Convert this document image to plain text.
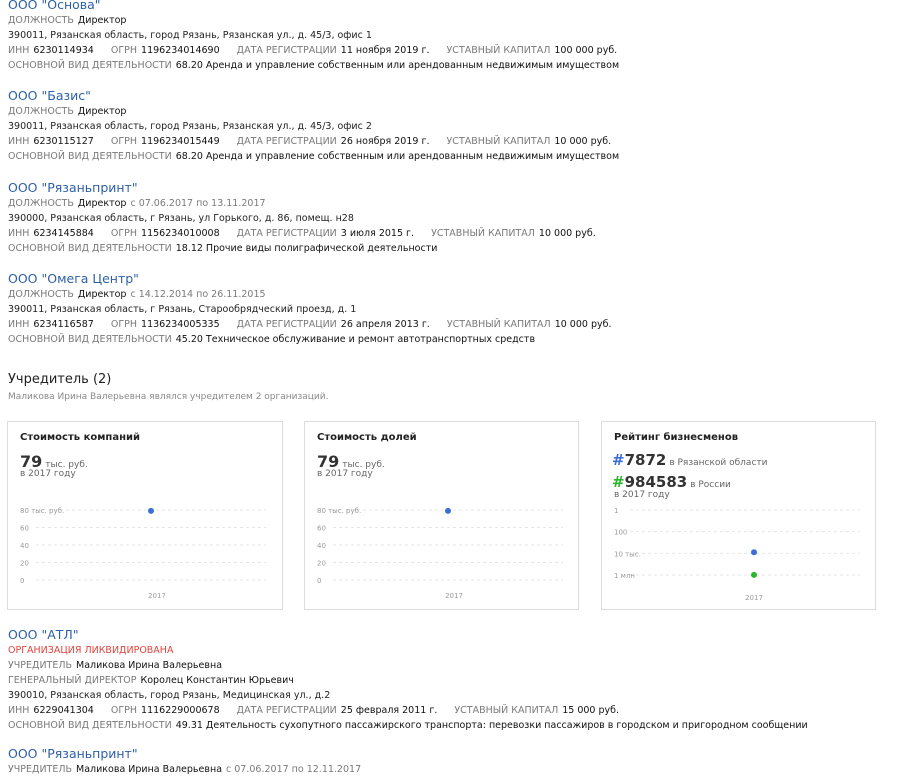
ООО "Основа"
ДОЛЖНОСТЬ Директор
390011, Рязанская область, город Рязань, Рязанская ул., д. 45/3, офис 1
ИНН 6230114934 ОГРН 1196234014690 ДАТА РЕГИСТРАЦИИ 11 ноября 2019 г. УСТАВНЫЙ КАПИТАЛ 100 000 руб.
ОСНОВНОЙ ВИД ДЕЯТЕЛЬНОСТИ 68.20 Аренда и управление собственным или арендованным недвижимым имуществом
ООО "Базис"
ДОЛЖНОСТЬ Директор
390011, Рязанская область, город Рязань, Рязанская ул., д. 45/3, офис 2
ИНН 6230115127 ОГРН 1196234015449 ДАТА РЕГИСТРАЦИИ 26 ноября 2019 г. УСТАВНЫЙ КАПИТАЛ 10 000 руб.
ОСНОВНОЙ ВИД ДЕЯТЕЛЬНОСТИ 68.20 Аренда и управление собственным или арендованным недвижимым имуществом
ООО "Рязаньпринт"
ДОЛЖНОСТЬ Директор с 07.06.2017 по 13.11.2017
390000, Рязанская область, г Рязань, ул Горького, д. 86, помещ. н28
ИНН 6234145884 ОГРН 1156234010008 ДАТА РЕГИСТРАЦИИ 3 июля 2015 г. УСТАВНЫЙ КАПИТАЛ 10 000 руб.
ОСНОВНОЙ ВИД ДЕЯТЕЛЬНОСТИ 18.12 Прочие виды полиграфической деятельности
ООО "Омега Центр"
ДОЛЖНОСТЬ Директор с 14.12.2014 по 26.11.2015
390011, Рязанская область, г Рязань, Старообрядческий проезд, д. 1
ИНН 6234116587 ОГРН 1136234005335 ДАТА РЕГИСТРАЦИИ 26 апреля 2013 г. УСТАВНЫЙ КАПИТАЛ 10 000 руб.
ОСНОВНОЙ ВИД ДЕЯТЕЛЬНОСТИ 45.20 Техническое обслуживание и ремонт автотранспортных средств
Учредитель (2)
Маликова Ирина Валерьевна являлся учредителем 2 организаций.
Стоимость компаний
79 тыс. руб.
в 2017 году
0
20
40
60
80 тыс. руб.
2017
Стоимость долей
79 тыс. руб.
в 2017 году
0
20
40
60
80 тыс. руб.
2017
Рейтинг бизнесменов
#7872 в Рязанской области
#984583 в России
в 2017 году
1
100
10 тыс.
1 млн
2017
ООО "АТЛ"
ОРГАНИЗАЦИЯ ЛИКВИДИРОВАНА
УЧРЕДИТЕЛЬ Маликова Ирина Валерьевна
ГЕНЕРАЛЬНЫЙ ДИРЕКТОР Королец Константин Юрьевич
390010, Рязанская область, город Рязань, Медицинская ул., д.2
ИНН 6229041304 ОГРН 1116229000678 ДАТА РЕГИСТРАЦИИ 25 февраля 2011 г. УСТАВНЫЙ КАПИТАЛ 15 000 руб.
ОСНОВНОЙ ВИД ДЕЯТЕЛЬНОСТИ 49.31 Деятельность сухопутного пассажирского транспорта: перевозки пассажиров в городском и пригородном сообщении
ООО "Рязаньпринт"
УЧРЕДИТЕЛЬ Маликова Ирина Валерьевна с 07.06.2017 по 12.11.2017
